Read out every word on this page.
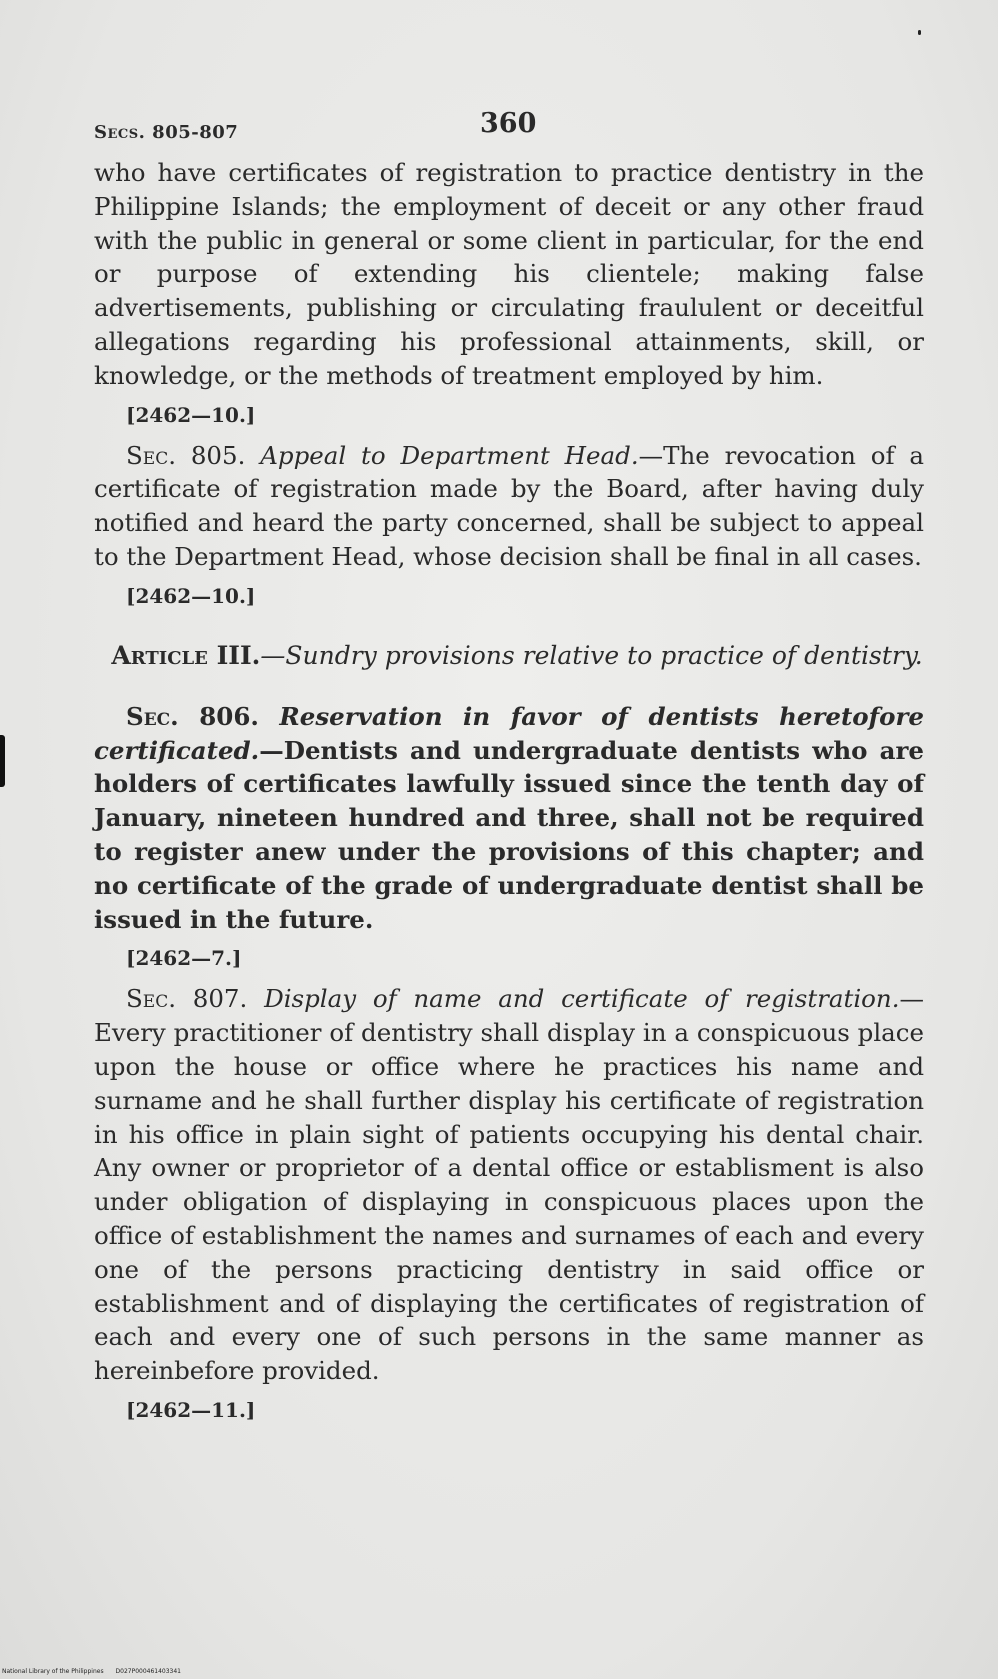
Secs. 805-807	360

who have certificates of registration to practice dentistry in the Philippine Islands; the employment of deceit or any other fraud with the public in general or some client in particular, for the end or purpose of extending his clientele; making false advertisements, publishing or circulating fraululent or deceitful allegations regarding his professional attainments, skill, or knowledge, or the methods of treatment employed by him.

[2462—10.]

Sec. 805. Appeal to Department Head.—The revocation of a certificate of registration made by the Board, after having duly notified and heard the party concerned, shall be subject to appeal to the Department Head, whose decision shall be final in all cases.

[2462—10.]
Article III.—Sundry provisions relative to practice of dentistry.

Sec. 806. Reservation in favor of dentists heretofore certificated.—Dentists and undergraduate dentists who are holders of certificates lawfully issued since the tenth day of January, nineteen hundred and three, shall not be required to register anew under the provisions of this chapter; and no certificate of the grade of undergraduate dentist shall be issued in the future.

[2462—7.]

Sec. 807. Display of name and certificate of registration.— Every practitioner of dentistry shall display in a conspicuous place upon the house or office where he practices his name and surname and he shall further display his certificate of registration in his office in plain sight of patients occupying his dental chair. Any owner or proprietor of a dental office or establisment is also under obligation of displaying in conspicuous places upon the office of establishment the names and surnames of each and every one of the persons practicing dentistry in said office or establishment and of displaying the certificates of registration of each and every one of such persons in the same manner as hereinbefore provided.

[2462—11.]
National Library of the Philippines D027P000461403341
